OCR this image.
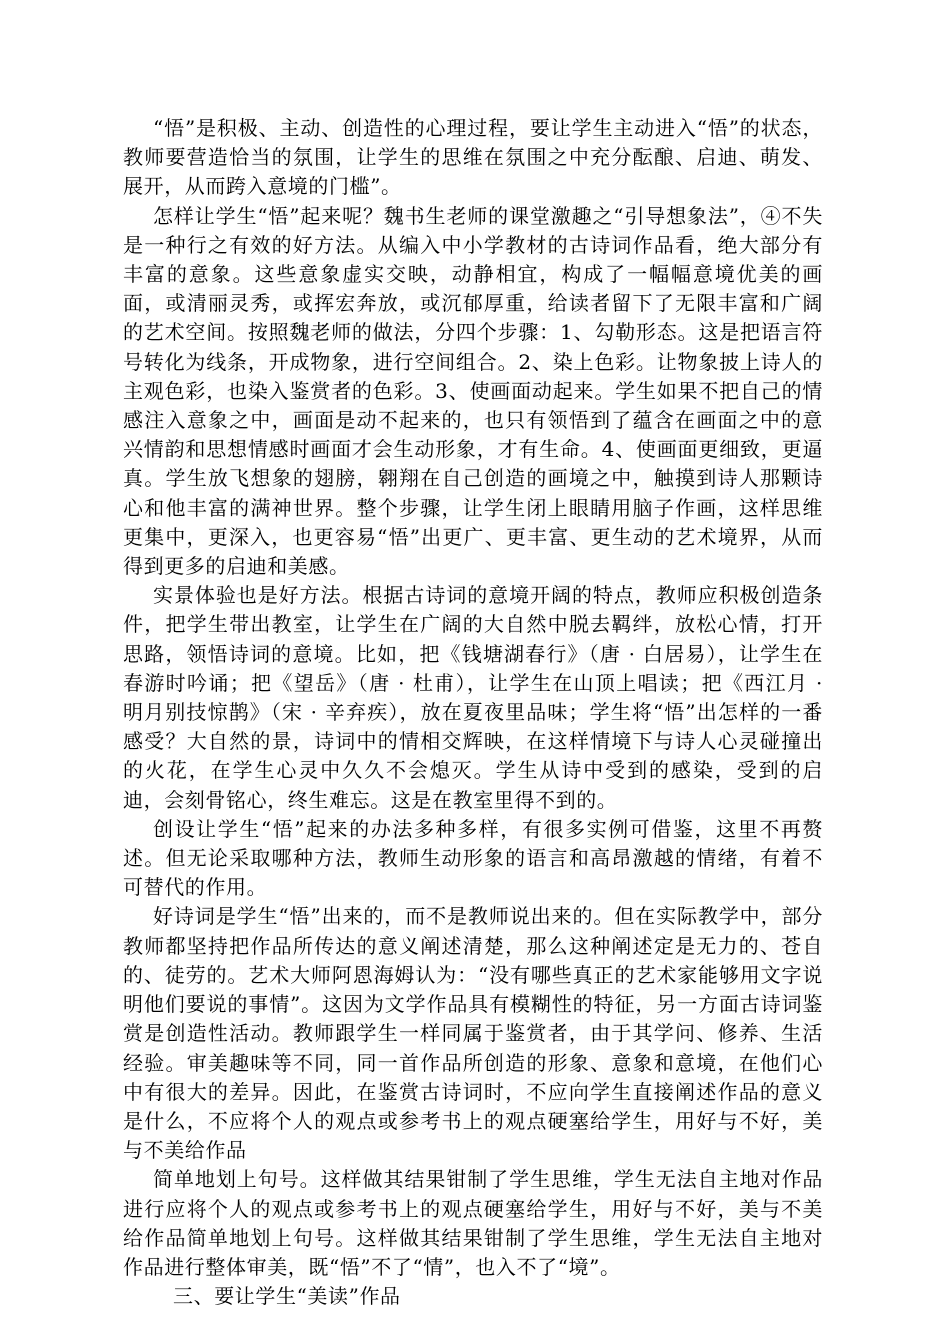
“悟”是积极、主动、创造性的心理过程，要让学生主动进入“悟”的状态，教师要营造恰当的氛围，让学生的思维在氛围之中充分酝酿、启迪、萌发、展开，从而跨入意境的门槛”。

怎样让学生“悟”起来呢？魏书生老师的课堂激趣之“引导想象法”，④不失是一种行之有效的好方法。从编入中小学教材的古诗词作品看，绝大部分有丰富的意象。这些意象虚实交映，动静相宜，构成了一幅幅意境优美的画面，或清丽灵秀，或挥宏奔放，或沉郁厚重，给读者留下了无限丰富和广阔的艺术空间。按照魏老师的做法，分四个步骤：1、勾勒形态。这是把语言符号转化为线条，开成物象，进行空间组合。2、染上色彩。让物象披上诗人的主观色彩，也染入鉴赏者的色彩。3、使画面动起来。学生如果不把自己的情感注入意象之中，画面是动不起来的，也只有领悟到了蕴含在画面之中的意兴情韵和思想情感时画面才会生动形象，才有生命。4、使画面更细致，更逼真。学生放飞想象的翅膀，翱翔在自己创造的画境之中，触摸到诗人那颗诗心和他丰富的满神世界。整个步骤，让学生闭上眼睛用脑子作画，这样思维更集中，更深入，也更容易“悟”出更广、更丰富、更生动的艺术境界，从而得到更多的启迪和美感。

实景体验也是好方法。根据古诗词的意境开阔的特点，教师应积极创造条件，把学生带出教室，让学生在广阔的大自然中脱去羁绊，放松心情，打开思路，领悟诗词的意境。比如，把《钱塘湖春行》（唐 · 白居易），让学生在春游时吟诵；把《望岳》（唐 · 杜甫），让学生在山顶上唱读；把《西江月 · 明月别技惊鹊》（宋 · 辛弃疾），放在夏夜里品味；学生将“悟”出怎样的一番感受？大自然的景，诗词中的情相交辉映，在这样情境下与诗人心灵碰撞出的火花，在学生心灵中久久不会熄灭。学生从诗中受到的感染，受到的启迪，会刻骨铭心，终生难忘。这是在教室里得不到的。

创设让学生“悟”起来的办法多种多样，有很多实例可借鉴，这里不再赘述。但无论采取哪种方法，教师生动形象的语言和高昂激越的情绪，有着不可替代的作用。

好诗词是学生“悟”出来的，而不是教师说出来的。但在实际教学中，部分教师都坚持把作品所传达的意义阐述清楚，那么这种阐述定是无力的、苍自的、徒劳的。艺术大师阿恩海姆认为：“没有哪些真正的艺术家能够用文字说明他们要说的事情”。这因为文学作品具有模糊性的特征，另一方面古诗词鉴赏是创造性活动。教师跟学生一样同属于鉴赏者，由于其学问、修养、生活经验。审美趣味等不同，同一首作品所创造的形象、意象和意境，在他们心中有很大的差异。因此，在鉴赏古诗词时，不应向学生直接阐述作品的意义是什么，不应将个人的观点或参考书上的观点硬塞给学生，用好与不好，美与不美给作品

简单地划上句号。这样做其结果钳制了学生思维，学生无法自主地对作品进行应将个人的观点或参考书上的观点硬塞给学生，用好与不好，美与不美给作品简单地划上句号。这样做其结果钳制了学生思维，学生无法自主地对作品进行整体审美，既“悟”不了“情”，也入不了“境”。

三、要让学生“美读”作品
